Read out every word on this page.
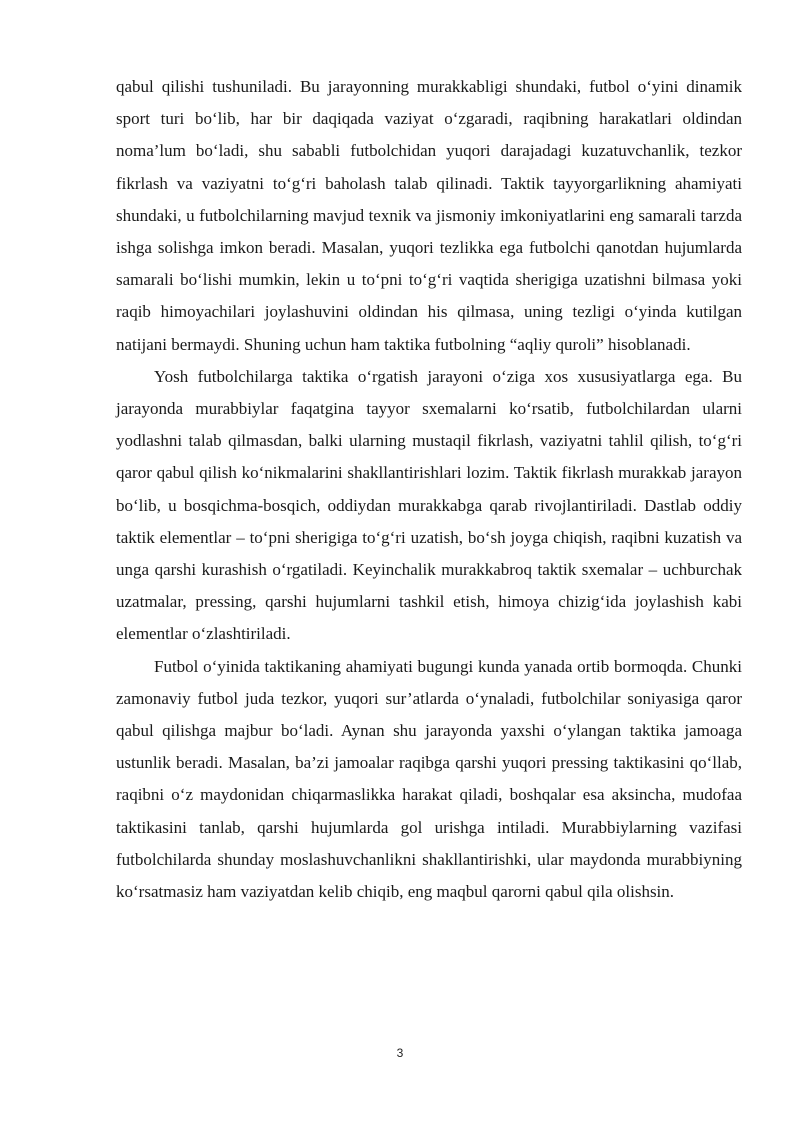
qabul qilishi tushuniladi. Bu jarayonning murakkabligi shundaki, futbol o‘yini dinamik sport turi bo‘lib, har bir daqiqada vaziyat o‘zgaradi, raqibning harakatlari oldindan noma’lum bo‘ladi, shu sababli futbolchidan yuqori darajadagi kuzatuvchanlik, tezkor fikrlash va vaziyatni to‘g‘ri baholash talab qilinadi. Taktik tayyorgarlikning ahamiyati shundaki, u futbolchilarning mavjud texnik va jismoniy imkoniyatlarini eng samarali tarzda ishga solishga imkon beradi. Masalan, yuqori tezlikka ega futbolchi qanotdan hujumlarda samarali bo‘lishi mumkin, lekin u to‘pni to‘g‘ri vaqtida sherigiga uzatishni bilmasa yoki raqib himoyachilari joylashuvini oldindan his qilmasa, uning tezligi o‘yinda kutilgan natijani bermaydi. Shuning uchun ham taktika futbolning “aqliy quroli” hisoblanadi.

Yosh futbolchilarga taktika o‘rgatish jarayoni o‘ziga xos xususiyatlarga ega. Bu jarayonda murabbiylar faqatgina tayyor sxemalarni ko‘rsatib, futbolchilardan ularni yodlashni talab qilmasdan, balki ularning mustaqil fikrlash, vaziyatni tahlil qilish, to‘g‘ri qaror qabul qilish ko‘nikmalarini shakllantirishlari lozim. Taktik fikrlash murakkab jarayon bo‘lib, u bosqichma-bosqich, oddiydan murakkabga qarab rivojlantiriladi. Dastlab oddiy taktik elementlar – to‘pni sherigiga to‘g‘ri uzatish, bo‘sh joyga chiqish, raqibni kuzatish va unga qarshi kurashish o‘rgatiladi. Keyinchalik murakkabroq taktik sxemalar – uchburchak uzatmalar, pressing, qarshi hujumlarni tashkil etish, himoya chizig‘ida joylashish kabi elementlar o‘zlashtiriladi.

Futbol o‘yinida taktikaning ahamiyati bugungi kunda yanada ortib bormoqda. Chunki zamonaviy futbol juda tezkor, yuqori sur’atlarda o‘ynaladi, futbolchilar soniyasiga qaror qabul qilishga majbur bo‘ladi. Aynan shu jarayonda yaxshi o‘ylangan taktika jamoaga ustunlik beradi. Masalan, ba’zi jamoalar raqibga qarshi yuqori pressing taktikasini qo‘llab, raqibni o‘z maydonidan chiqarmaslikka harakat qiladi, boshqalar esa aksincha, mudofaa taktikasini tanlab, qarshi hujumlarda gol urishga intiladi. Murabbiylarning vazifasi futbolchilarda shunday moslashuvchanlikni shakllantirishki, ular maydonda murabbiyning ko‘rsatmasiz ham vaziyatdan kelib chiqib, eng maqbul qarorni qabul qila olishsin.

3
